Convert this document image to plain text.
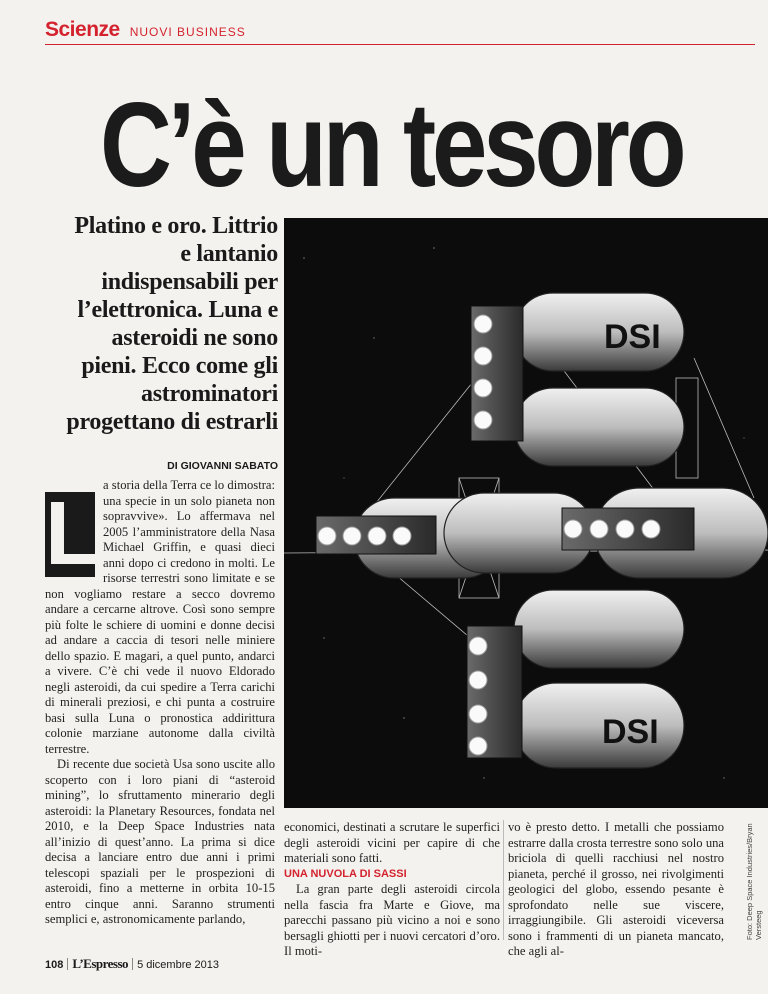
Scienze NUOVI BUSINESS
C’è un tesoro
Platino e oro. Littrio e lantanio indispensabili per l’elettronica. Luna e asteroidi ne sono pieni. Ecco come gli astrominatori progettano di estrarli
DI GIOVANNI SABATO
DSI
DSI
L a storia della Terra ce lo dimostra: una specie in un solo pianeta non sopravvive». Lo affermava nel 2005 l’amministratore della Nasa Michael Griffin, e quasi dieci anni dopo ci credono in molti. Le risorse terrestri sono limitate e se non vogliamo restare a secco dovremo andare a cercarne altrove. Così sono sempre più folte le schiere di uomini e donne decisi ad andare a caccia di tesori nelle miniere dello spazio. E magari, a quel punto, andarci a vivere. C’è chi vede il nuovo Eldorado negli asteroidi, da cui spedire a Terra carichi di minerali preziosi, e chi punta a costruire basi sulla Luna o pronostica addirittura colonie marziane autonome dalla civiltà terrestre.

Di recente due società Usa sono uscite allo scoperto con i loro piani di “asteroid mining”, lo sfruttamento minerario degli asteroidi: la Planetary Resources, fondata nel 2010, e la Deep Space Industries nata all’inizio di quest’anno. La prima si dice decisa a lanciare entro due anni i primi telescopi spaziali per le prospezioni di asteroidi, fino a metterne in orbita 10-15 entro cinque anni. Saranno strumenti semplici e, astronomicamente parlando,

economici, destinati a scrutare le superfici degli asteroidi vicini per capire di che materiali sono fatti.

UNA NUVOLA DI SASSI

La gran parte degli asteroidi circola nella fascia fra Marte e Giove, ma parecchi passano più vicino a noi e sono bersagli ghiotti per i nuovi cercatori d’oro. Il moti-

vo è presto detto. I metalli che possiamo estrarre dalla crosta terrestre sono solo una briciola di quelli racchiusi nel nostro pianeta, perché il grosso, nei rivolgimenti geologici del globo, essendo pesante è sprofondato nelle sue viscere, irraggiungibile. Gli asteroidi viceversa sono i frammenti di un pianeta mancato, che agli al-

Foto: Deep Space Industries/Bryan Versteeg
108 L’Espresso 5 dicembre 2013
